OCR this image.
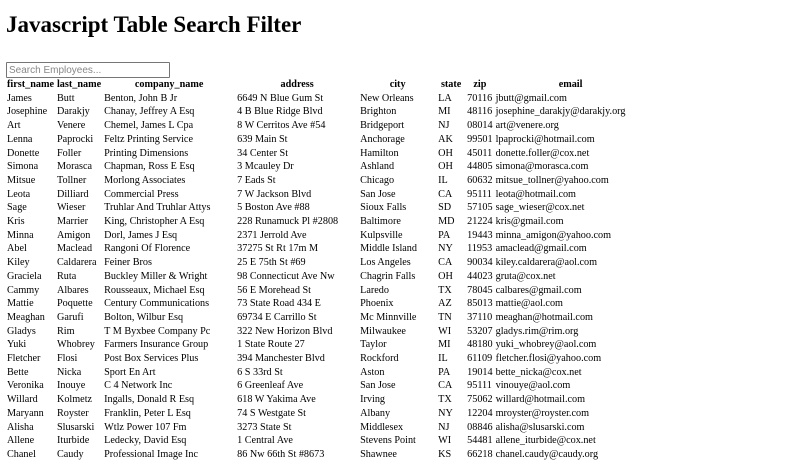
Javascript Table Search Filter
Search Employees...
first_name	last_name	company_name	address	city	state	zip	email
James	Butt	Benton, John B Jr	6649 N Blue Gum St	New Orleans	LA	70116	jbutt@gmail.com
Josephine	Darakjy	Chanay, Jeffrey A Esq	4 B Blue Ridge Blvd	Brighton	MI	48116	josephine_darakjy@darakjy.org
Art	Venere	Chemel, James L Cpa	8 W Cerritos Ave #54	Bridgeport	NJ	08014	art@venere.org
Lenna	Paprocki	Feltz Printing Service	639 Main St	Anchorage	AK	99501	lpaprocki@hotmail.com
Donette	Foller	Printing Dimensions	34 Center St	Hamilton	OH	45011	donette.foller@cox.net
Simona	Morasca	Chapman, Ross E Esq	3 Mcauley Dr	Ashland	OH	44805	simona@morasca.com
Mitsue	Tollner	Morlong Associates	7 Eads St	Chicago	IL	60632	mitsue_tollner@yahoo.com
Leota	Dilliard	Commercial Press	7 W Jackson Blvd	San Jose	CA	95111	leota@hotmail.com
Sage	Wieser	Truhlar And Truhlar Attys	5 Boston Ave #88	Sioux Falls	SD	57105	sage_wieser@cox.net
Kris	Marrier	King, Christopher A Esq	228 Runamuck Pl #2808	Baltimore	MD	21224	kris@gmail.com
Minna	Amigon	Dorl, James J Esq	2371 Jerrold Ave	Kulpsville	PA	19443	minna_amigon@yahoo.com
Abel	Maclead	Rangoni Of Florence	37275 St Rt 17m M	Middle Island	NY	11953	amaclead@gmail.com
Kiley	Caldarera	Feiner Bros	25 E 75th St #69	Los Angeles	CA	90034	kiley.caldarera@aol.com
Graciela	Ruta	Buckley Miller & Wright	98 Connecticut Ave Nw	Chagrin Falls	OH	44023	gruta@cox.net
Cammy	Albares	Rousseaux, Michael Esq	56 E Morehead St	Laredo	TX	78045	calbares@gmail.com
Mattie	Poquette	Century Communications	73 State Road 434 E	Phoenix	AZ	85013	mattie@aol.com
Meaghan	Garufi	Bolton, Wilbur Esq	69734 E Carrillo St	Mc Minnville	TN	37110	meaghan@hotmail.com
Gladys	Rim	T M Byxbee Company Pc	322 New Horizon Blvd	Milwaukee	WI	53207	gladys.rim@rim.org
Yuki	Whobrey	Farmers Insurance Group	1 State Route 27	Taylor	MI	48180	yuki_whobrey@aol.com
Fletcher	Flosi	Post Box Services Plus	394 Manchester Blvd	Rockford	IL	61109	fletcher.flosi@yahoo.com
Bette	Nicka	Sport En Art	6 S 33rd St	Aston	PA	19014	bette_nicka@cox.net
Veronika	Inouye	C 4 Network Inc	6 Greenleaf Ave	San Jose	CA	95111	vinouye@aol.com
Willard	Kolmetz	Ingalls, Donald R Esq	618 W Yakima Ave	Irving	TX	75062	willard@hotmail.com
Maryann	Royster	Franklin, Peter L Esq	74 S Westgate St	Albany	NY	12204	mroyster@royster.com
Alisha	Slusarski	Wtlz Power 107 Fm	3273 State St	Middlesex	NJ	08846	alisha@slusarski.com
Allene	Iturbide	Ledecky, David Esq	1 Central Ave	Stevens Point	WI	54481	allene_iturbide@cox.net
Chanel	Caudy	Professional Image Inc	86 Nw 66th St #8673	Shawnee	KS	66218	chanel.caudy@caudy.org
